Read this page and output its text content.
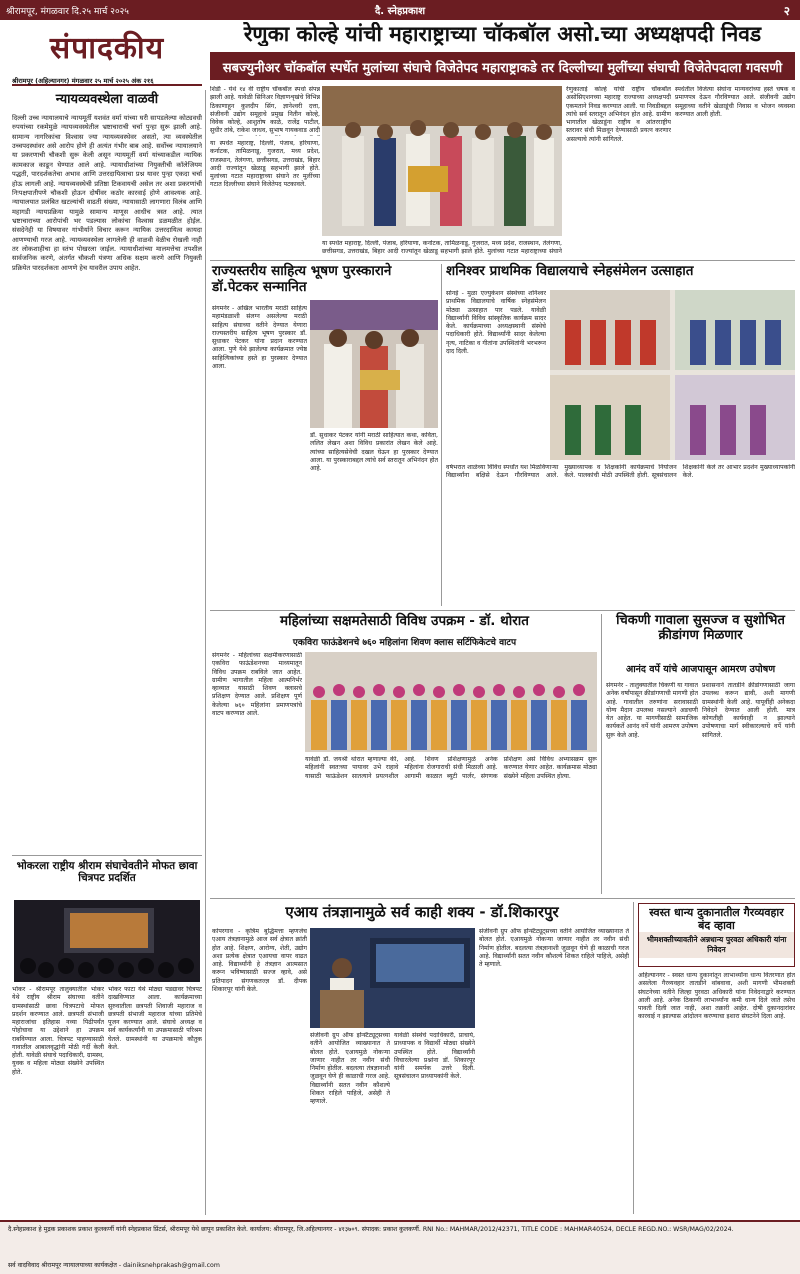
श्रीरामपूर, मंगळवार दि.२५ मार्च २०२५	दै. स्नेहप्रकाश	२
संपादकीय
श्रीरामपूर (अहिल्यानगर) मंगळवार २५ मार्च २०२५ अंक २१६
रेणुका कोल्हे यांची महाराष्ट्राच्या चॉकबॉल असो.च्या अध्यक्षपदी निवड
सबज्युनीअर चॉकबॉल स्पर्धेत मुलांच्या संघाचे विजेतेपद महाराष्ट्राकडे तर दिल्लीच्या मुलींच्या संघाची विजेतेपदाला गवसणी
न्यायव्यवस्थेला वाळवी
दिल्ली उच्च न्यायालयाचे न्यायमूर्ती यशवंत वर्मा यांच्या घरी सापडलेल्या कोट्यवधी रुपयांच्या रकमेमुळे न्यायव्यवस्थेतील भ्रष्टाचाराची चर्चा पुन्हा सुरू झाली आहे. सामान्य नागरिकांचा विश्वास ज्या न्यायव्यवस्थेवर असतो, त्या व्यवस्थेतील उच्चपदस्थांवर असे आरोप होणे ही अत्यंत गंभीर बाब आहे. सर्वोच्च न्यायालयाने या प्रकरणाची चौकशी सुरू केली असून न्यायमूर्ती वर्मा यांच्याकडील न्यायिक कामकाज काढून घेण्यात आले आहे. न्यायाधीशांच्या नियुक्तीची कॉलेजियम पद्धती, पारदर्शकतेचा अभाव आणि उत्तरदायित्वाचा प्रश्न यावर पुन्हा एकदा चर्चा होऊ लागली आहे. न्यायव्यवस्थेची प्रतिष्ठा टिकवायची असेल तर अशा प्रकरणांची निःपक्षपातीपणे चौकशी होऊन दोषींवर कठोर कारवाई होणे आवश्यक आहे. न्यायालयात प्रलंबित खटल्यांची वाढती संख्या, न्यायासाठी लागणारा विलंब आणि महागडी न्यायप्रक्रिया यामुळे सामान्य माणूस आधीच त्रस्त आहे. त्यात भ्रष्टाचाराच्या आरोपांची भर पडल्यास लोकांचा विश्वास डळमळीत होईल. संसदेनेही या विषयावर गांभीर्याने विचार करून न्यायिक उत्तरदायित्व कायदा आणण्याची गरज आहे. न्यायव्यवस्थेला लागलेली ही वाळवी वेळीच रोखली नाही तर लोकशाहीचा हा स्तंभ पोखरला जाईल. न्यायाधीशांच्या मालमत्तेचा तपशील सार्वजनिक करणे, अंतर्गत चौकशी यंत्रणा अधिक सक्षम करणे आणि नियुक्ती प्रक्रियेत पारदर्शकता आणणे हेच यावरील उपाय आहेत.
भोकरला राष्ट्रीय श्रीराम संघाचेवतीने मोफत छावा चित्रपट प्रदर्शित
भोकर - श्रीरामपूर तालुक्यातील भोकर येथे राष्ट्रीय श्रीराम संघाच्या वतीने ग्रामस्थांसाठी छावा चित्रपटाचे मोफत प्रदर्शन करण्यात आले. छत्रपती संभाजी महाराजांचा इतिहास नव्या पिढीपर्यंत पोहोचावा या उद्देशाने हा उपक्रम राबविण्यात आला. चित्रपट पाहण्यासाठी गावातील आबालवृद्धांनी मोठी गर्दी केली होती. यावेळी संघाचे पदाधिकारी, ग्रामस्थ, युवक व महिला मोठ्या संख्येने उपस्थित होते.
भोकर फाटा येथे मोठ्या पडद्यावर चित्रपट दाखविण्यात आला. कार्यक्रमाच्या सुरुवातीला छत्रपती शिवाजी महाराज व छत्रपती संभाजी महाराज यांच्या प्रतिमेचे पूजन करण्यात आले. संघाचे अध्यक्ष व सर्व कार्यकर्त्यांनी या उपक्रमासाठी परिश्रम घेतले. ग्रामस्थांनी या उपक्रमाचे कौतुक केले.
शिर्डी - येथे १४ वी राष्ट्रीय चॉकबॉल स्पर्धा संपन्न झाली आहे. यावेळी सिनिअर विज्ञाणशृखंचे विभिन्न ठिकाणाहून कुलदीप सिंग, ज्ञानेश्वरी दत्ता, संजीवनी उद्योग समूहाचे प्रमुख नितीन कोल्हे, विवेक कोल्हे, आशुतोष काळे, राजेंद्र पाटील, सुधीर तांबे, राकेश जाधव, सुभाष गायकवाड आदी
रेणुकाताई कोल्हे यांची राष्ट्रीय चॉकबॉल असोसिएशनच्या महाराष्ट्र राज्याच्या अध्यक्षपदी एकमताने निवड करण्यात आली. या निवडीबद्दल त्यांचे सर्व स्तरातून अभिनंदन होत आहे. ग्रामीण भागातील खेळाडूंना राष्ट्रीय व आंतरराष्ट्रीय स्तरावर संधी मिळवून देण्यासाठी प्रयत्न करणार असल्याचे त्यांनी सांगितले.
स्पर्धेतील विजेत्या संघांना मान्यवरांच्या हस्ते चषक व प्रमाणपत्र देऊन गौरविण्यात आले. संजीवनी उद्योग समूहाच्या वतीने खेळाडूंची निवास व भोजन व्यवस्था करण्यात आली होती.
या स्पर्धेत महाराष्ट्र, दिल्ली, पंजाब, हरियाणा, कर्नाटक, तामिळनाडू, गुजरात, मध्य प्रदेश, राजस्थान, तेलंगणा, छत्तीसगड, उत्तराखंड, बिहार आदी राज्यांतून खेळाडू सहभागी झाले होते. मुलांच्या गटात महाराष्ट्राच्या संघाने तर मुलींच्या गटात दिल्लीच्या संघाने विजेतेपद पटकावले.
या स्पर्धेत महाराष्ट्र, दिल्ली, पंजाब, हरियाणा, कर्नाटक, तामिळनाडू, गुजरात, मध्य प्रदेश, राजस्थान, तेलंगणा, छत्तीसगड, उत्तराखंड, बिहार आदी राज्यांतून खेळाडू सहभागी झाले होते. मुलांच्या गटात महाराष्ट्राच्या संघाने
राज्यस्तरीय साहित्य भूषण पुरस्काराने डॉ.पेटकर सन्मानित
संगमनेर - अखिल भारतीय मराठी साहित्य महामंडळाशी संलग्न असलेल्या मराठी साहित्य संघाच्या वतीने देण्यात येणारा राज्यस्तरीय साहित्य भूषण पुरस्कार डॉ. सुधाकर पेटकर यांना प्रदान करण्यात आला. पुणे येथे झालेल्या कार्यक्रमात ज्येष्ठ साहित्यिकांच्या हस्ते हा पुरस्कार देण्यात आला.
डॉ. सुधाकर पेटकर यांनी मराठी साहित्यात कथा, कविता, ललित लेखन अशा विविध प्रकारांत लेखन केले आहे. त्यांच्या साहित्यसेवेची दखल घेऊन हा पुरस्कार देण्यात आला. या पुरस्काराबद्दल त्यांचे सर्व स्तरातून अभिनंदन होत आहे.
शनिश्वर प्राथमिक विद्यालयाचे स्नेहसंमेलन उत्साहात
सोनई - मुळा एज्युकेशन संस्थेच्या शनिश्वर प्राथमिक विद्यालयाचे वार्षिक स्नेहसंमेलन मोठ्या उत्साहात पार पडले. यावेळी विद्यार्थ्यांनी विविध सांस्कृतिक कार्यक्रम सादर केले. कार्यक्रमाच्या अध्यक्षस्थानी संस्थेचे पदाधिकारी होते. विद्यार्थ्यांनी सादर केलेल्या नृत्य, नाटिका व गीतांना उपस्थितांनी भरभरून दाद दिली.
वर्षभरात शाळेच्या विविध स्पर्धांत यश मिळविणाऱ्या विद्यार्थ्यांना बक्षिसे देऊन गौरविण्यात आले. मुख्याध्यापक व शिक्षकांनी कार्यक्रमाचे नियोजन केले. पालकांची मोठी उपस्थिती होती. सूत्रसंचालन शिक्षकांनी केले तर आभार प्रदर्शन मुख्याध्यापकांनी केले.
महिलांच्या सक्षमतेसाठी विविध उपक्रम - डॉ. थोरात
एकविरा फाऊंडेशनचे ७६० महिलांना शिवण क्लास सर्टिफिकेटचे वाटप
संगमनेर - महिलांच्या सक्षमीकरणासाठी एकविरा फाऊंडेशनच्या माध्यमातून विविध उपक्रम राबविले जात आहेत. ग्रामीण भागातील महिला आत्मनिर्भर व्हाव्यात यासाठी शिवण क्लासचे प्रशिक्षण देण्यात आले. प्रशिक्षण पूर्ण केलेल्या ७६० महिलांना प्रमाणपत्रांचे वाटप करण्यात आले.
यावेळी डॉ. जयश्री थोरात म्हणाल्या की, महिलांनी स्वतःच्या पायावर उभे राहावे यासाठी फाऊंडेशन सातत्याने प्रयत्नशील आहे. शिवण प्रशिक्षणामुळे अनेक महिलांना रोजगाराची संधी मिळाली आहे. आगामी काळात ब्युटी पार्लर, संगणक प्रशिक्षण असे विविध अभ्यासक्रम सुरू करण्यात येणार आहेत. कार्यक्रमास मोठ्या संख्येने महिला उपस्थित होत्या.
चिकणी गावाला सुसज्ज व सुशोभित क्रीडांगण मिळणार
आनंद वर्पे यांचे आजपासून आमरण उपोषण
संगमनेर - तालुक्यातील चिकणी या गावात अनेक वर्षांपासून क्रीडांगणाची मागणी होत आहे. गावातील तरुणांना सरावासाठी योग्य मैदान उपलब्ध नसल्याने अडचणी येत आहेत. या मागणीसाठी सामाजिक कार्यकर्ते आनंद वर्पे यांनी आमरण उपोषण सुरू केले आहे.
प्रशासनाने तातडीने क्रीडांगणासाठी जागा उपलब्ध करून द्यावी, अशी मागणी ग्रामस्थांनी केली आहे. यापूर्वीही अनेकदा निवेदने देण्यात आली होती. मात्र कोणतीही कार्यवाही न झाल्याने उपोषणाचा मार्ग स्वीकारल्याचे वर्पे यांनी सांगितले.
एआय तंत्रज्ञानामुळे सर्व काही शक्य - डॉ.शिकारपुर
कोपरगाव - कृत्रिम बुद्धिमत्ता म्हणजेच एआय तंत्रज्ञानामुळे आज सर्व क्षेत्रात क्रांती होत आहे. शिक्षण, आरोग्य, शेती, उद्योग अशा प्रत्येक क्षेत्रात एआयचा वापर वाढत आहे. विद्यार्थ्यांनी हे तंत्रज्ञान आत्मसात करून भविष्यासाठी सज्ज व्हावे, असे प्रतिपादन संगणकतज्ज्ञ डॉ. दीपक शिकारपूर यांनी केले.
संजीवनी ग्रुप ऑफ इन्स्टिट्यूट्सच्या वतीने आयोजित व्याख्यानात ते बोलत होते. एआयमुळे नोकऱ्या जाणार नाहीत तर नवीन संधी निर्माण होतील. बदलत्या तंत्रज्ञानाशी जुळवून घेणे ही काळाची गरज आहे. विद्यार्थ्यांनी सतत नवीन कौशल्ये शिकत राहिले पाहिजे, असेही ते म्हणाले.
यावेळी संस्थेचे पदाधिकारी, प्राचार्य, प्राध्यापक व विद्यार्थी मोठ्या संख्येने उपस्थित होते. विद्यार्थ्यांनी विचारलेल्या प्रश्नांना डॉ. शिकारपूर यांनी समर्पक उत्तरे दिली. सूत्रसंचालन प्राध्यापकांनी केले.
संजीवनी ग्रुप ऑफ इन्स्टिट्यूट्सच्या वतीने आयोजित व्याख्यानात ते बोलत होते. एआयमुळे नोकऱ्या जाणार नाहीत तर नवीन संधी निर्माण होतील. बदलत्या तंत्रज्ञानाशी जुळवून घेणे ही काळाची गरज आहे. विद्यार्थ्यांनी सतत नवीन कौशल्ये शिकत राहिले पाहिजे, असेही ते म्हणाले.
स्वस्त धान्य दुकानातील गैरव्यवहार बंद व्हावा
भीमशक्तीच्यावतीने अन्नधान्य पुरवठा अधिकारी यांना निवेदन
अहिल्यानगर - स्वस्त धान्य दुकानांतून लाभार्थ्यांना धान्य वितरणात होत असलेला गैरव्यवहार तातडीने थांबवावा, अशी मागणी भीमशक्ती संघटनेच्या वतीने जिल्हा पुरवठा अधिकारी यांना निवेदनाद्वारे करण्यात आली आहे. अनेक ठिकाणी लाभार्थ्यांना कमी धान्य दिले जाते तसेच पावती दिली जात नाही, अशा तक्रारी आहेत. दोषी दुकानदारांवर कारवाई न झाल्यास आंदोलन करण्याचा इशारा संघटनेने दिला आहे.
दै.स्नेहप्रकाश हे मुद्रक प्रकाशक प्रकाश कुलकर्णी यांनी स्नेहप्रकाश प्रिंटर्स, श्रीरामपूर येथे छापून प्रकाशित केले. कार्यालय: श्रीरामपूर, जि.अहिल्यानगर - ४१३७०९. संपादक: प्रकाश कुलकर्णी. RNI No.: MAHMAR/2012/42371, TITLE CODE : MAHMAR40524, DECLE REGD.NO.: WSR/MAG/02/2024.
सर्व वादविवाद श्रीरामपूर न्यायालयाच्या कार्यकक्षेत - dainiksnehprakash@gmail.com
